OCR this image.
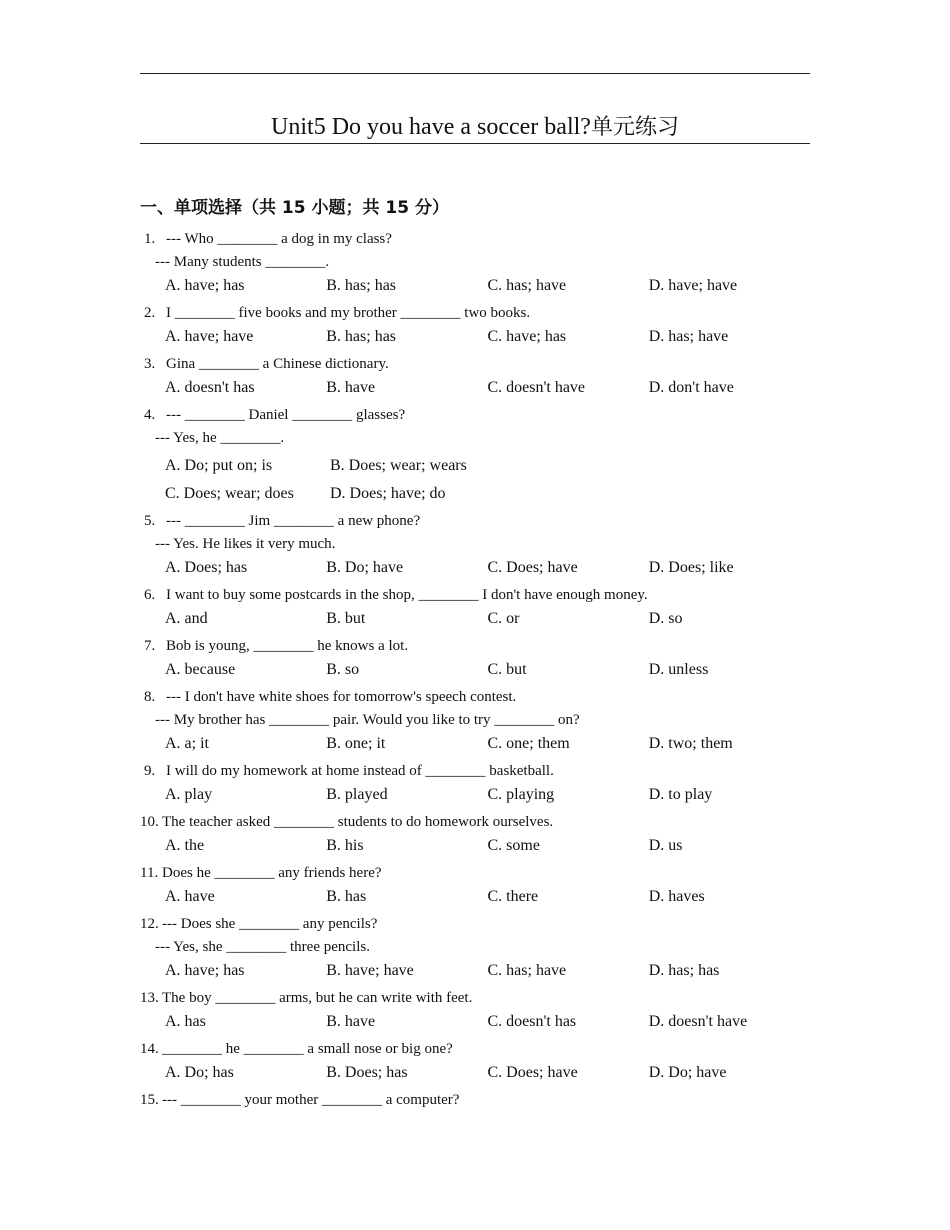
Unit5 Do you have a soccer ball?单元练习
一、单项选择（共 15 小题；共 15 分）
1. --- Who ________ a dog in my class?
--- Many students ________.
A. have; has	B. has; has	C. has; have	D. have; have
2. I ________ five books and my brother ________ two books.
A. have; have	B. has; has	C. have; has	D. has; have
3. Gina ________ a Chinese dictionary.
A. doesn't has	B. have	C. doesn't have	D. don't have
4. --- ________ Daniel ________ glasses?
--- Yes, he ________.
A. Do; put on; is	B. Does; wear; wears
C. Does; wear; does	D. Does; have; do
5. --- ________ Jim ________ a new phone?
--- Yes. He likes it very much.
A. Does; has	B. Do; have	C. Does; have	D. Does; like
6. I want to buy some postcards in the shop, ________ I don't have enough money.
A. and	B. but	C. or	D. so
7. Bob is young, ________ he knows a lot.
A. because	B. so	C. but	D. unless
8. --- I don't have white shoes for tomorrow's speech contest.
--- My brother has ________ pair. Would you like to try ________ on?
A. a; it	B. one; it	C. one; them	D. two; them
9. I will do my homework at home instead of ________ basketball.
A. play	B. played	C. playing	D. to play
10. The teacher asked ________ students to do homework ourselves.
A. the	B. his	C. some	D. us
11. Does he ________ any friends here?
A. have	B. has	C. there	D. haves
12. --- Does she ________ any pencils?
--- Yes, she ________ three pencils.
A. have; has	B. have; have	C. has; have	D. has; has
13. The boy ________ arms, but he can write with feet.
A. has	B. have	C. doesn't has	D. doesn't have
14. ________ he ________ a small nose or big one?
A. Do; has	B. Does; has	C. Does; have	D. Do; have
15. --- ________ your mother ________ a computer?
